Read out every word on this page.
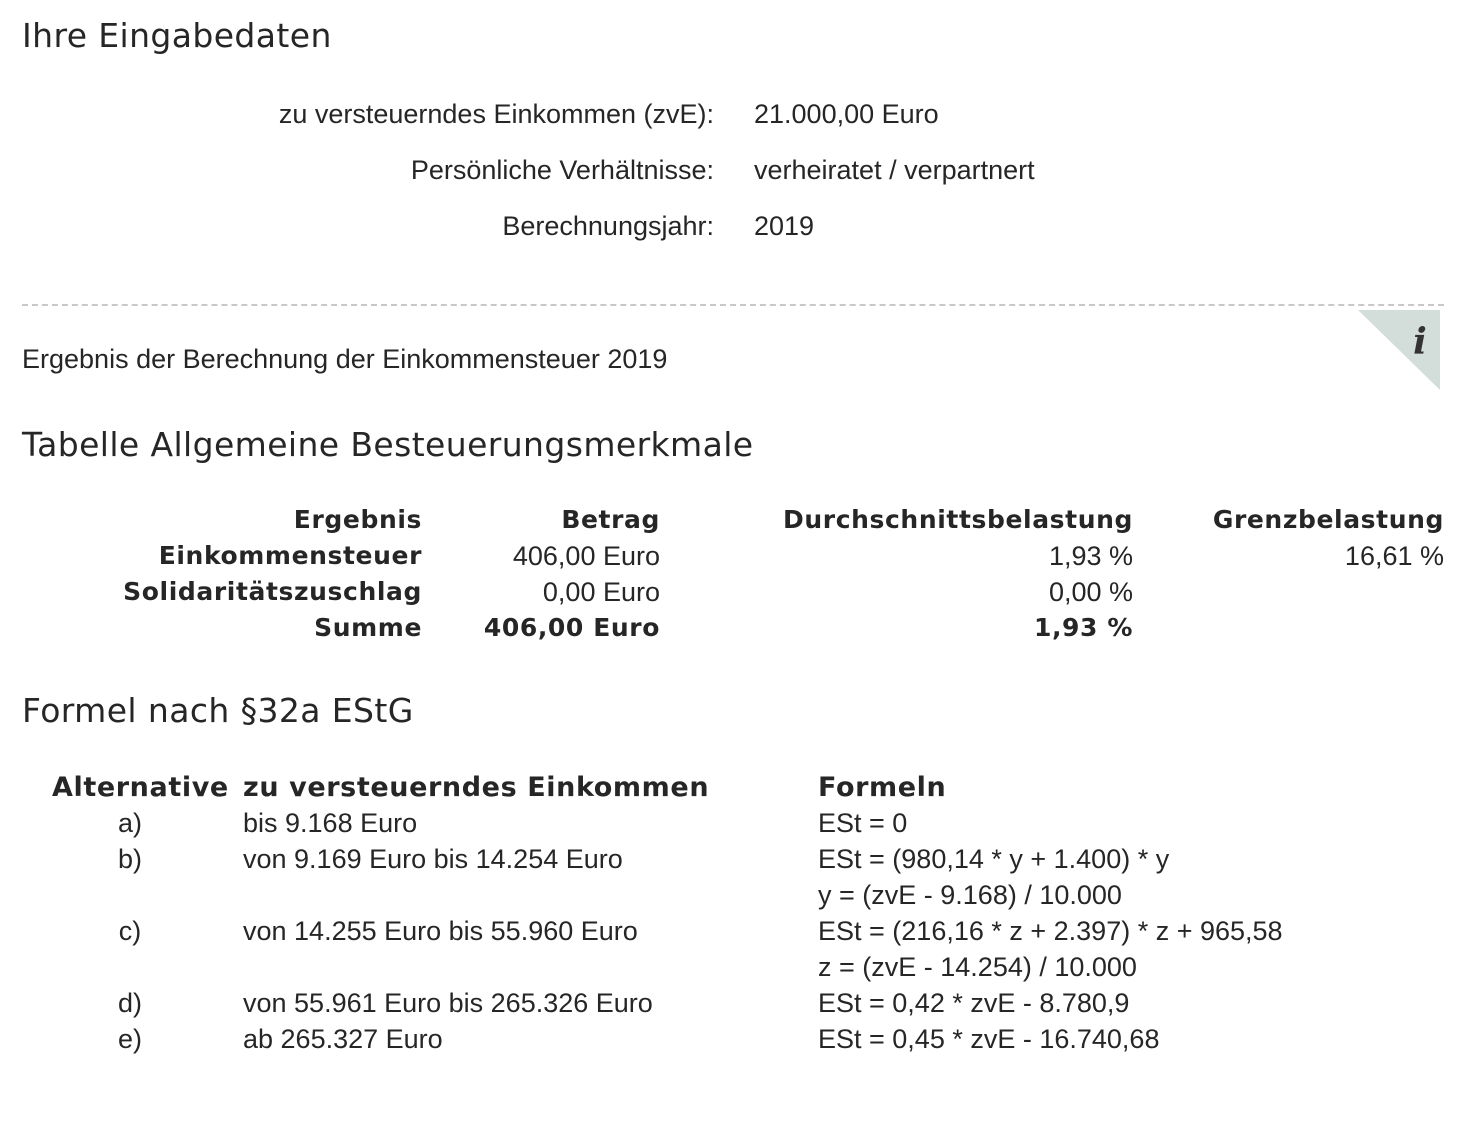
Ihre Eingabedaten
zu versteuerndes Einkommen (zvE): 21.000,00 Euro
Persönliche Verhältnisse: verheiratet / verpartnert
Berechnungsjahr: 2019
i
Ergebnis der Berechnung der Einkommensteuer 2019
Tabelle Allgemeine Besteuerungsmerkmale
Ergebnis	Betrag	Durchschnittsbelastung	Grenzbelastung
Einkommensteuer	406,00 Euro	1,93 %	16,61 %
Solidaritätszuschlag	0,00 Euro	0,00 %
Summe 406,00 Euro	1,93 %
Formel nach §32a EStG
Alternative zu versteuerndes Einkommen	Formeln
a)	bis 9.168 Euro	ESt = 0
b)	von 9.169 Euro bis 14.254 Euro	ESt = (980,14 * y + 1.400) * y
y = (zvE - 9.168) / 10.000
c)	von 14.255 Euro bis 55.960 Euro	ESt = (216,16 * z + 2.397) * z + 965,58
z = (zvE - 14.254) / 10.000
d)	von 55.961 Euro bis 265.326 Euro	ESt = 0,42 * zvE - 8.780,9
e)	ab 265.327 Euro	ESt = 0,45 * zvE - 16.740,68
